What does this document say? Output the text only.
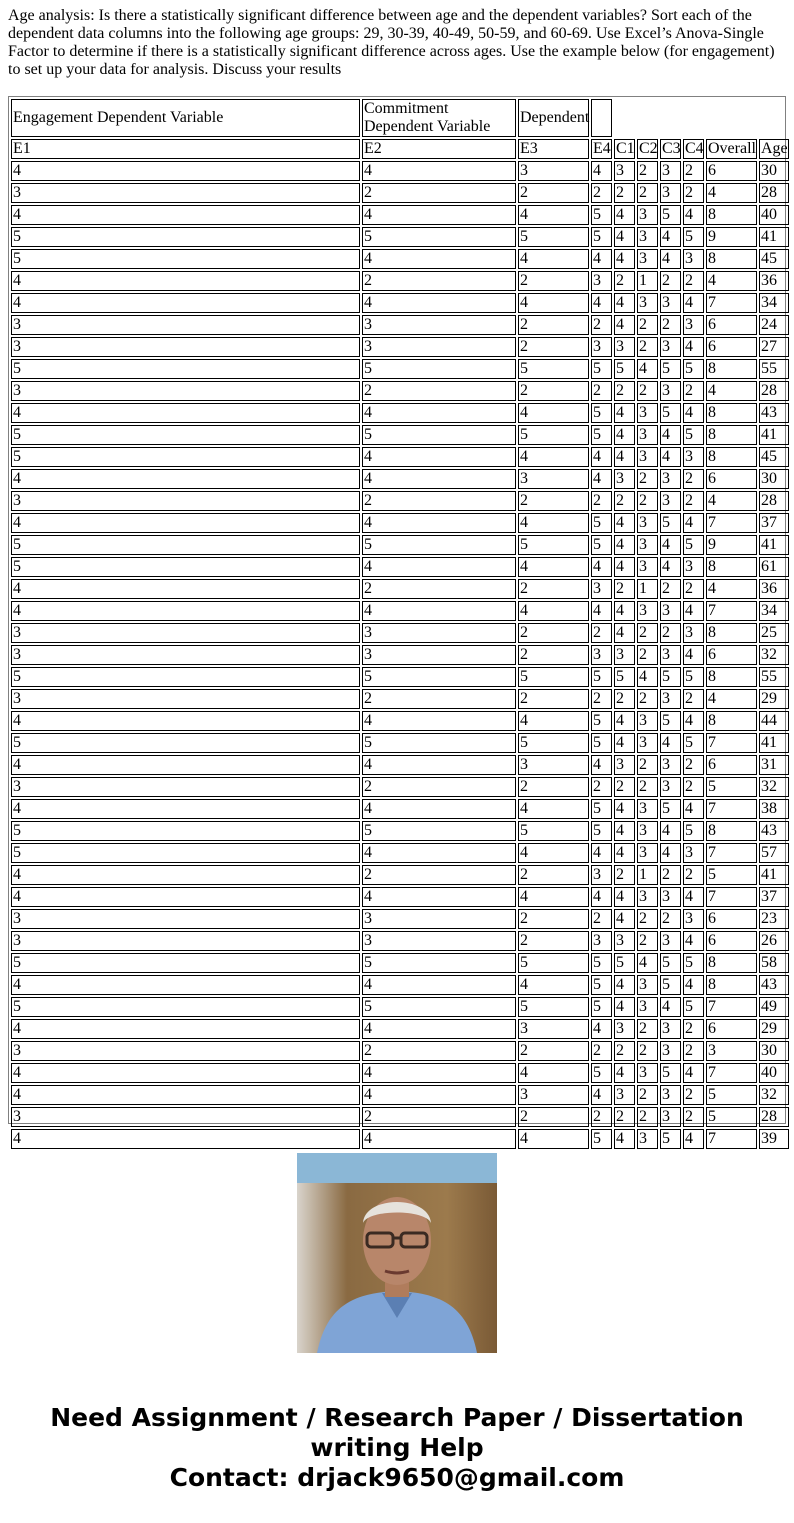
Age analysis: Is there a statistically significant difference between age and the dependent variables? Sort each of the dependent data columns into the following age groups: 29, 30-39, 40-49, 50-59, and 60-69. Use Excel’s Anova-Single Factor to determine if there is a statistically significant difference across ages. Use the example below (for engagement) to set up your data for analysis. Discuss your results
Engagement Dependent Variable	Commitment Dependent Variable	Dependent							
E1	E2	E3	E4	C1	C2	C3	C4	Overall	Age
4	4	3	4	3	2	3	2	6	30
3	2	2	2	2	2	3	2	4	28
4	4	4	5	4	3	5	4	8	40
5	5	5	5	4	3	4	5	9	41
5	4	4	4	4	3	4	3	8	45
4	2	2	3	2	1	2	2	4	36
4	4	4	4	4	3	3	4	7	34
3	3	2	2	4	2	2	3	6	24
3	3	2	3	3	2	3	4	6	27
5	5	5	5	5	4	5	5	8	55
3	2	2	2	2	2	3	2	4	28
4	4	4	5	4	3	5	4	8	43
5	5	5	5	4	3	4	5	8	41
5	4	4	4	4	3	4	3	8	45
4	4	3	4	3	2	3	2	6	30
3	2	2	2	2	2	3	2	4	28
4	4	4	5	4	3	5	4	7	37
5	5	5	5	4	3	4	5	9	41
5	4	4	4	4	3	4	3	8	61
4	2	2	3	2	1	2	2	4	36
4	4	4	4	4	3	3	4	7	34
3	3	2	2	4	2	2	3	8	25
3	3	2	3	3	2	3	4	6	32
5	5	5	5	5	4	5	5	8	55
3	2	2	2	2	2	3	2	4	29
4	4	4	5	4	3	5	4	8	44
5	5	5	5	4	3	4	5	7	41
4	4	3	4	3	2	3	2	6	31
3	2	2	2	2	2	3	2	5	32
4	4	4	5	4	3	5	4	7	38
5	5	5	5	4	3	4	5	8	43
5	4	4	4	4	3	4	3	7	57
4	2	2	3	2	1	2	2	5	41
4	4	4	4	4	3	3	4	7	37
3	3	2	2	4	2	2	3	6	23
3	3	2	3	3	2	3	4	6	26
5	5	5	5	5	4	5	5	8	58
4	4	4	5	4	3	5	4	8	43
5	5	5	5	4	3	4	5	7	49
4	4	3	4	3	2	3	2	6	29
3	2	2	2	2	2	3	2	3	30
4	4	4	5	4	3	5	4	7	40
4	4	3	4	3	2	3	2	5	32
3	2	2	2	2	2	3	2	5	28
4	4	4	5	4	3	5	4	7	39
Need Assignment / Research Paper / Dissertation
writing Help
Contact: drjack9650@gmail.com
